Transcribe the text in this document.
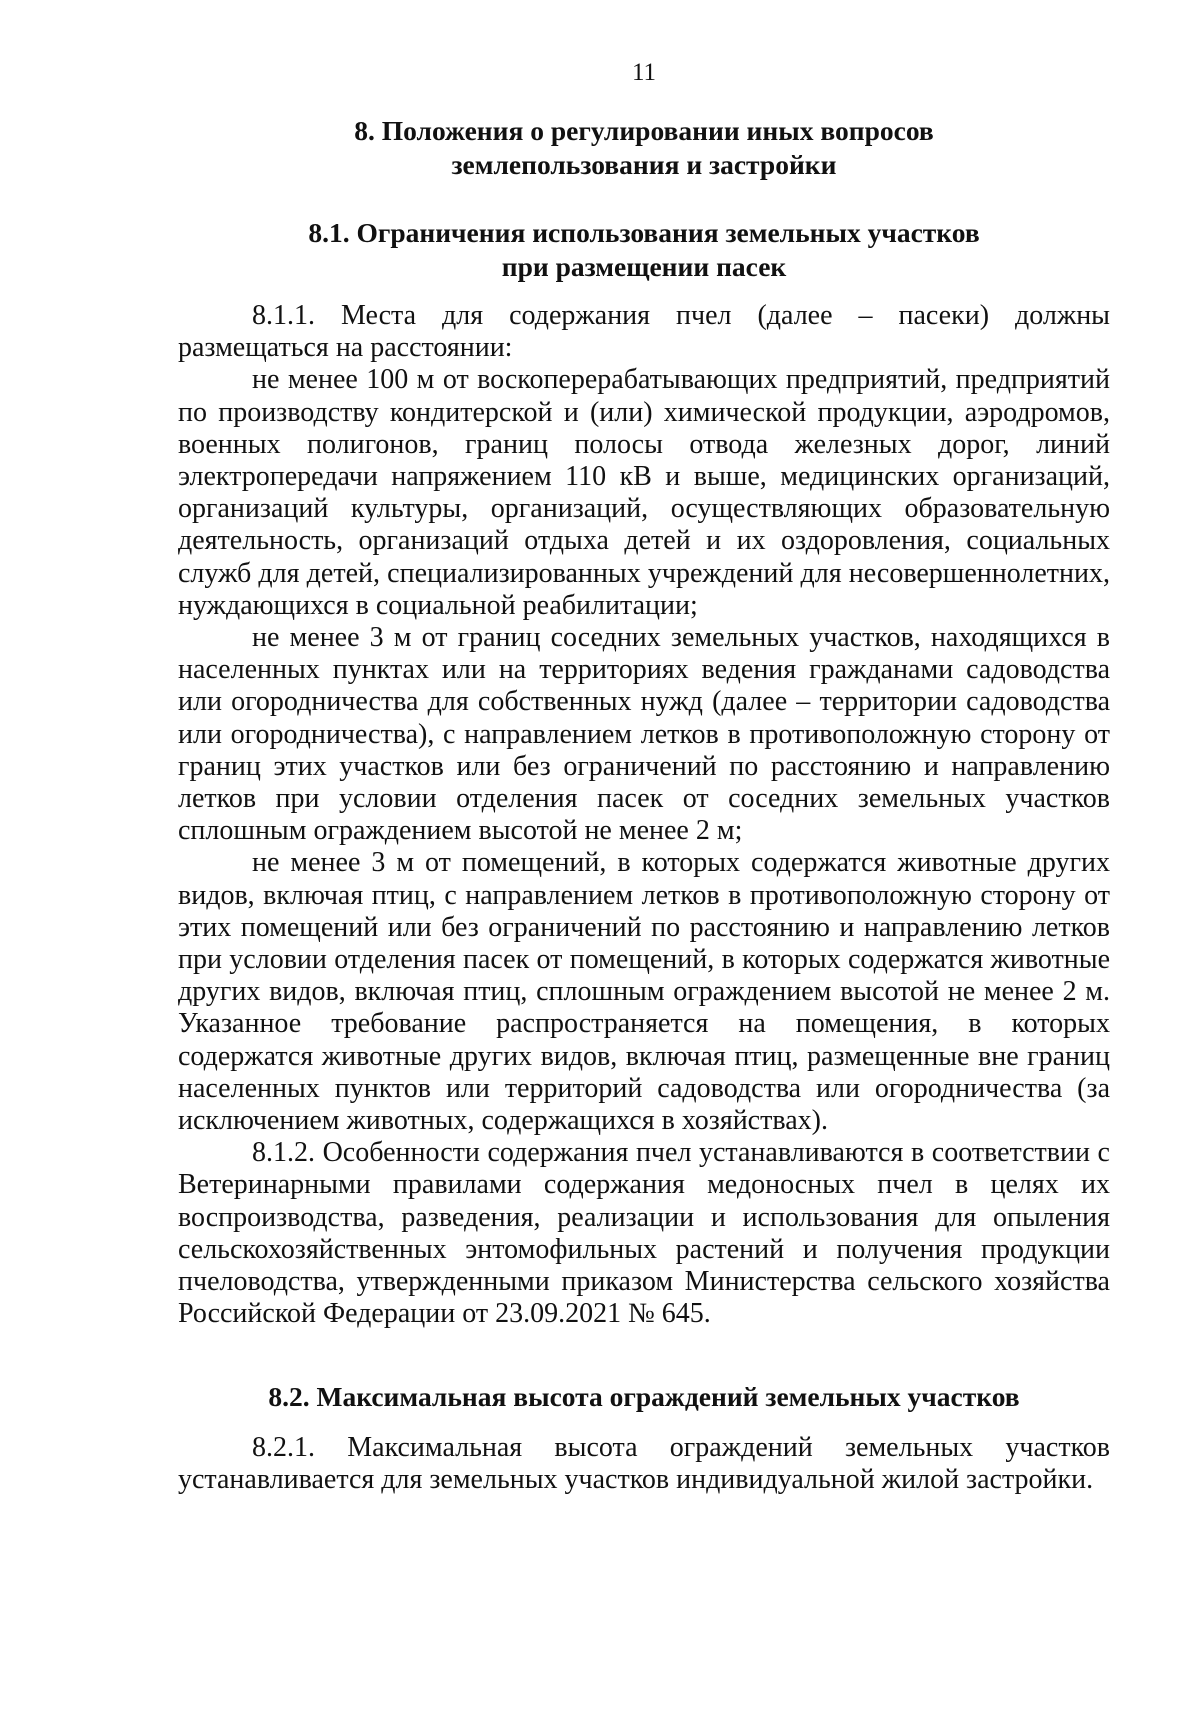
11
8. Положения о регулировании иных вопросов
землепользования и застройки
8.1. Ограничения использования земельных участков
при размещении пасек

8.1.1. Места для содержания пчел (далее – пасеки) должны размещаться на расстоянии:

не менее 100 м от воскоперерабатывающих предприятий, предприятий по производству кондитерской и (или) химической продукции, аэродромов, военных полигонов, границ полосы отвода железных дорог, линий электропередачи напряжением 110 кВ и выше, медицинских организаций, организаций культуры, организаций, осуществляющих образовательную деятельность, организаций отдыха детей и их оздоровления, социальных служб для детей, специализированных учреждений для несовершеннолетних, нуждающихся в социальной реабилитации;

не менее 3 м от границ соседних земельных участков, находящихся в населенных пунктах или на территориях ведения гражданами садоводства или огородничества для собственных нужд (далее – территории садоводства или огородничества), с направлением летков в противоположную сторону от границ этих участков или без ограничений по расстоянию и направлению летков при условии отделения пасек от соседних земельных участков сплошным ограждением высотой не менее 2 м;

не менее 3 м от помещений, в которых содержатся животные других видов, включая птиц, с направлением летков в противоположную сторону от этих помещений или без ограничений по расстоянию и направлению летков при условии отделения пасек от помещений, в которых содержатся животные других видов, включая птиц, сплошным ограждением высотой не менее 2 м. Указанное требование распространяется на помещения, в которых содержатся животные других видов, включая птиц, размещенные вне границ населенных пунктов или территорий садоводства или огородничества (за исключением животных, содержащихся в хозяйствах).

8.1.2. Особенности содержания пчел устанавливаются в соответствии с Ветеринарными правилами содержания медоносных пчел в целях их воспроизводства, разведения, реализации и использования для опыления сельскохозяйственных энтомофильных растений и получения продукции пчеловодства, утвержденными приказом Министерства сельского хозяйства Российской Федерации от 23.09.2021 № 645.

8.2. Максимальная высота ограждений земельных участков

8.2.1. Максимальная высота ограждений земельных участков устанавливается для земельных участков индивидуальной жилой застройки.
